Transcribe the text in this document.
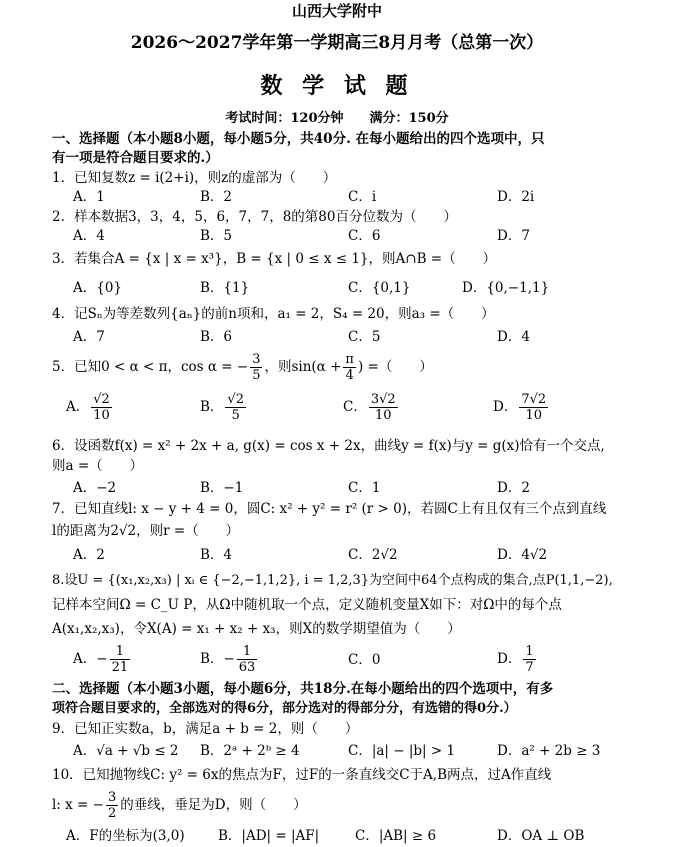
山西大学附中
2026～2027学年第一学期高三8月月考（总第一次）
数 学 试 题
考试时间：120分钟　　满分：150分
一、选择题（本小题8小题，每小题5分，共40分. 在每小题给出的四个选项中，只
有一项是符合题目要求的.）
1．已知复数z = i(2+i)，则z的虚部为（　　）
A．1	B．2	C．i	D．2i
2．样本数据3，3，4，5，6，7，7，8的第80百分位数为（　　）
A．4	B．5	C．6	D．7
3．若集合A = {x | x = x³}，B = {x | 0 ≤ x ≤ 1}，则A∩B =（　　）
A．{0}	B．{1}	C．{0,1}	D．{0,−1,1}
4．记Sₙ为等差数列{aₙ}的前n项和，a₁ = 2，S₄ = 20，则a₃ =（　　）
A．7	B．6	C．5	D．4
5．已知0 < α < π，cos α = − $\frac{3}{5}$ ，则$\sin(\alpha + \frac{\pi}{4}$ ) =（　　）
A． $\frac{√2}{10}$	B． $\frac{√2}{5}$	C． $\frac{3√2}{10}$	D． $\frac{7√2}{10}$
6．设函数f(x) = x² + 2x + a, g(x) = cos x + 2x，曲线y = f(x)与y = g(x)恰有一个交点,
则a =（　　）
A．−2	B．−1	C．1	D．2
7．已知直线l: x − y + 4 = 0，圆C: x² + y² = r² (r > 0)，若圆C上有且仅有三个点到直线
l的距离为2√2，则r =（　　）
A．2	B．4	C．2√2	D．4√2
8.设U = {(x₁,x₂,x₃) | xᵢ ∈ {−2,−1,1,2}, i = 1,2,3}为空间中64个点构成的集合,点P(1,1,−2),
记样本空间Ω = C_U P，从Ω中随机取一个点，定义随机变量X如下：对Ω中的每个点
A(x₁,x₂,x₃)，令X(A) = x₁ + x₂ + x₃，则X的数学期望值为（　　）
A．− $\frac{1}{21}$	B．− $\frac{1}{63}$	C．0	D． $\frac{1}{7}$
二、选择题（本小题3小题，每小题6分，共18分.在每小题给出的四个选项中，有多
项符合题目要求的，全部选对的得6分，部分选对的得部分分，有选错的得0分.）
9．已知正实数a，b，满足a + b = 2，则（　　）
A．√a + √b ≤ 2 B．2ᵃ + 2ᵇ ≥ 4	C．|a| − |b| > 1	D．a² + 2b ≥ 3
10．已知抛物线C: y² = 6x的焦点为F，过F的一条直线交C于A,B两点，过A作直线
l: x = − $\frac{3}{2}$ 的垂线，垂足为D，则（　　）
A．F的坐标为(3,0) B．|AD| = |AF|	C．|AB| ≥ 6	D．OA ⊥ OB
